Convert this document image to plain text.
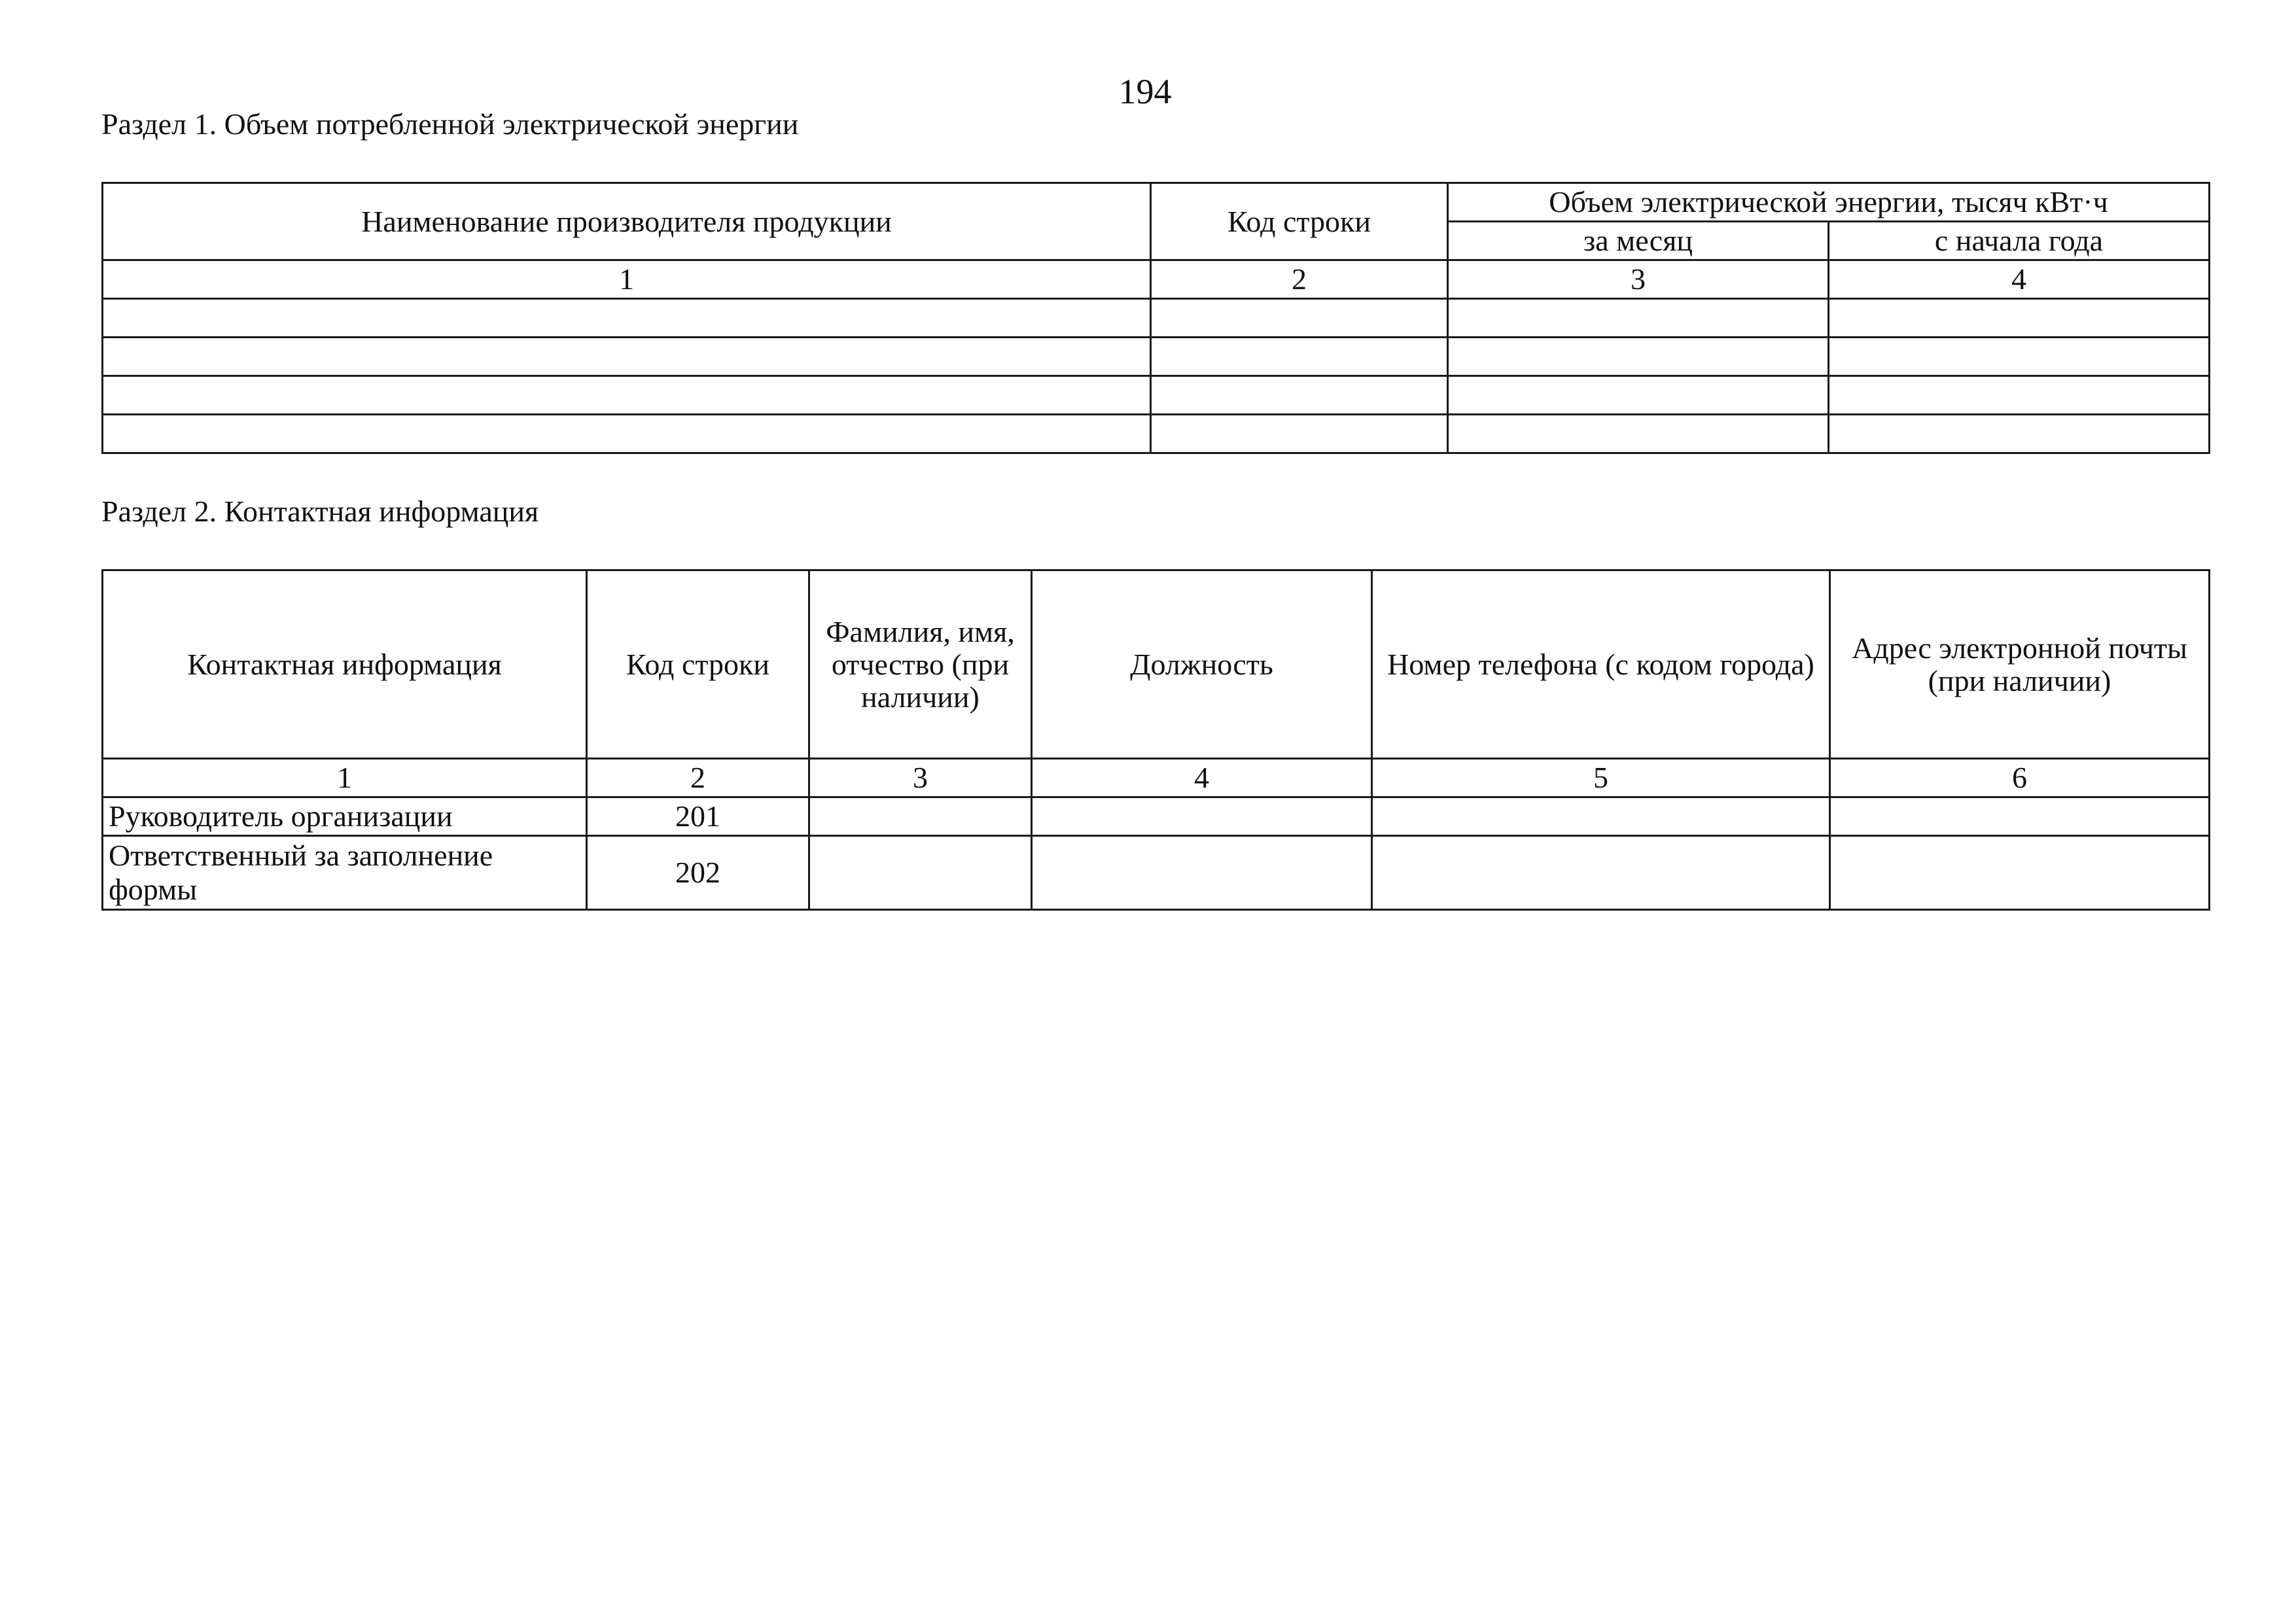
194
Раздел 1. Объем потребленной электрической энергии
Наименование производителя продукции	Код строки	Объем электрической энергии, тысяч кВт·ч	
		за месяц	с начала года
1	2	3	4

Раздел 2. Контактная информация
Контактная информация	Код строки	Фамилия, имя, отчество (при наличии)	Должность	Номер телефона (с кодом города)	Адрес электронной почты (при наличии)
1	2	3	4	5	6
Руководитель организации	201				
Ответственный за заполнение формы	202				
